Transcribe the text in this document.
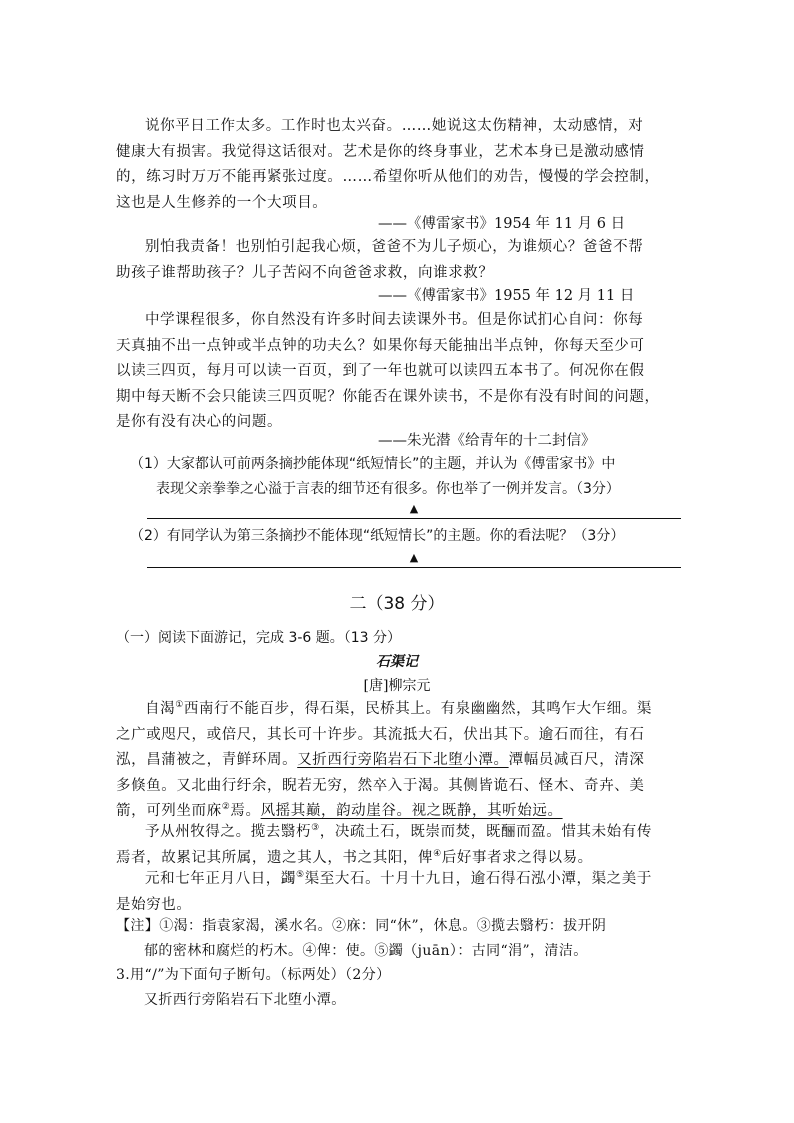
说你平日工作太多。工作时也太兴奋。……她说这太伤精神，太动感情，对
健康大有损害。我觉得这话很对。艺术是你的终身事业，艺术本身已是激动感情
的，练习时万万不能再紧张过度。……希望你听从他们的劝告，慢慢的学会控制，
这也是人生修养的一个大项目。
——《傅雷家书》1954 年 11 月 6 日
别怕我责备！也别怕引起我心烦，爸爸不为儿子烦心，为谁烦心？爸爸不帮
助孩子谁帮助孩子？儿子苦闷不向爸爸求救，向谁求救？
——《傅雷家书》1955 年 12 月 11 日
中学课程很多，你自然没有许多时间去读课外书。但是你试扪心自问：你每
天真抽不出一点钟或半点钟的功夫么？如果你每天能抽出半点钟，你每天至少可
以读三四页，每月可以读一百页，到了一年也就可以读四五本书了。何况你在假
期中每天断不会只能读三四页呢？你能否在课外读书，不是你有没有时间的问题，
是你有没有决心的问题。
——朱光潜《给青年的十二封信》
（1）大家都认可前两条摘抄能体现“纸短情长”的主题，并认为《傅雷家书》中
表现父亲拳拳之心溢于言表的细节还有很多。你也举了一例并发言。（3分）
▲
（2）有同学认为第三条摘抄不能体现“纸短情长”的主题。你的看法呢？（3分）
▲
二（38 分）
（一）阅读下面游记，完成 3-6 题。（13 分）
石渠记
[唐]柳宗元
自渴①西南行不能百步，得石渠，民桥其上。有泉幽幽然，其鸣乍大乍细。渠
之广或咫尺，或倍尺，其长可十许步。其流抵大石，伏出其下。逾石而往，有石
泓，昌蒲被之，青鲜环周。又折西行旁陷岩石下北堕小潭。潭幅员减百尺，清深
多倏鱼。又北曲行纡余，睨若无穷，然卒入于渴。其侧皆诡石、怪木、奇卉、美
箭，可列坐而庥②焉。风摇其巅，韵动崖谷。视之既静，其听始远。
予从州牧得之。揽去翳朽③，决疏土石，既崇而焚，既酾而盈。惜其未始有传
焉者，故累记其所属，遗之其人，书之其阳，俾④后好事者求之得以易。
元和七年正月八日，蠲⑤渠至大石。十月十九日，逾石得石泓小潭，渠之美于
是始穷也。
【注】①渴：指袁家渴，溪水名。②庥：同“休”，休息。③揽去翳朽：拔开阴
郁的密林和腐烂的朽木。④俾：使。⑤蠲（juān）：古同“涓”，清洁。
3.用“/”为下面句子断句。（标两处）（2分）
又折西行旁陷岩石下北堕小潭。
